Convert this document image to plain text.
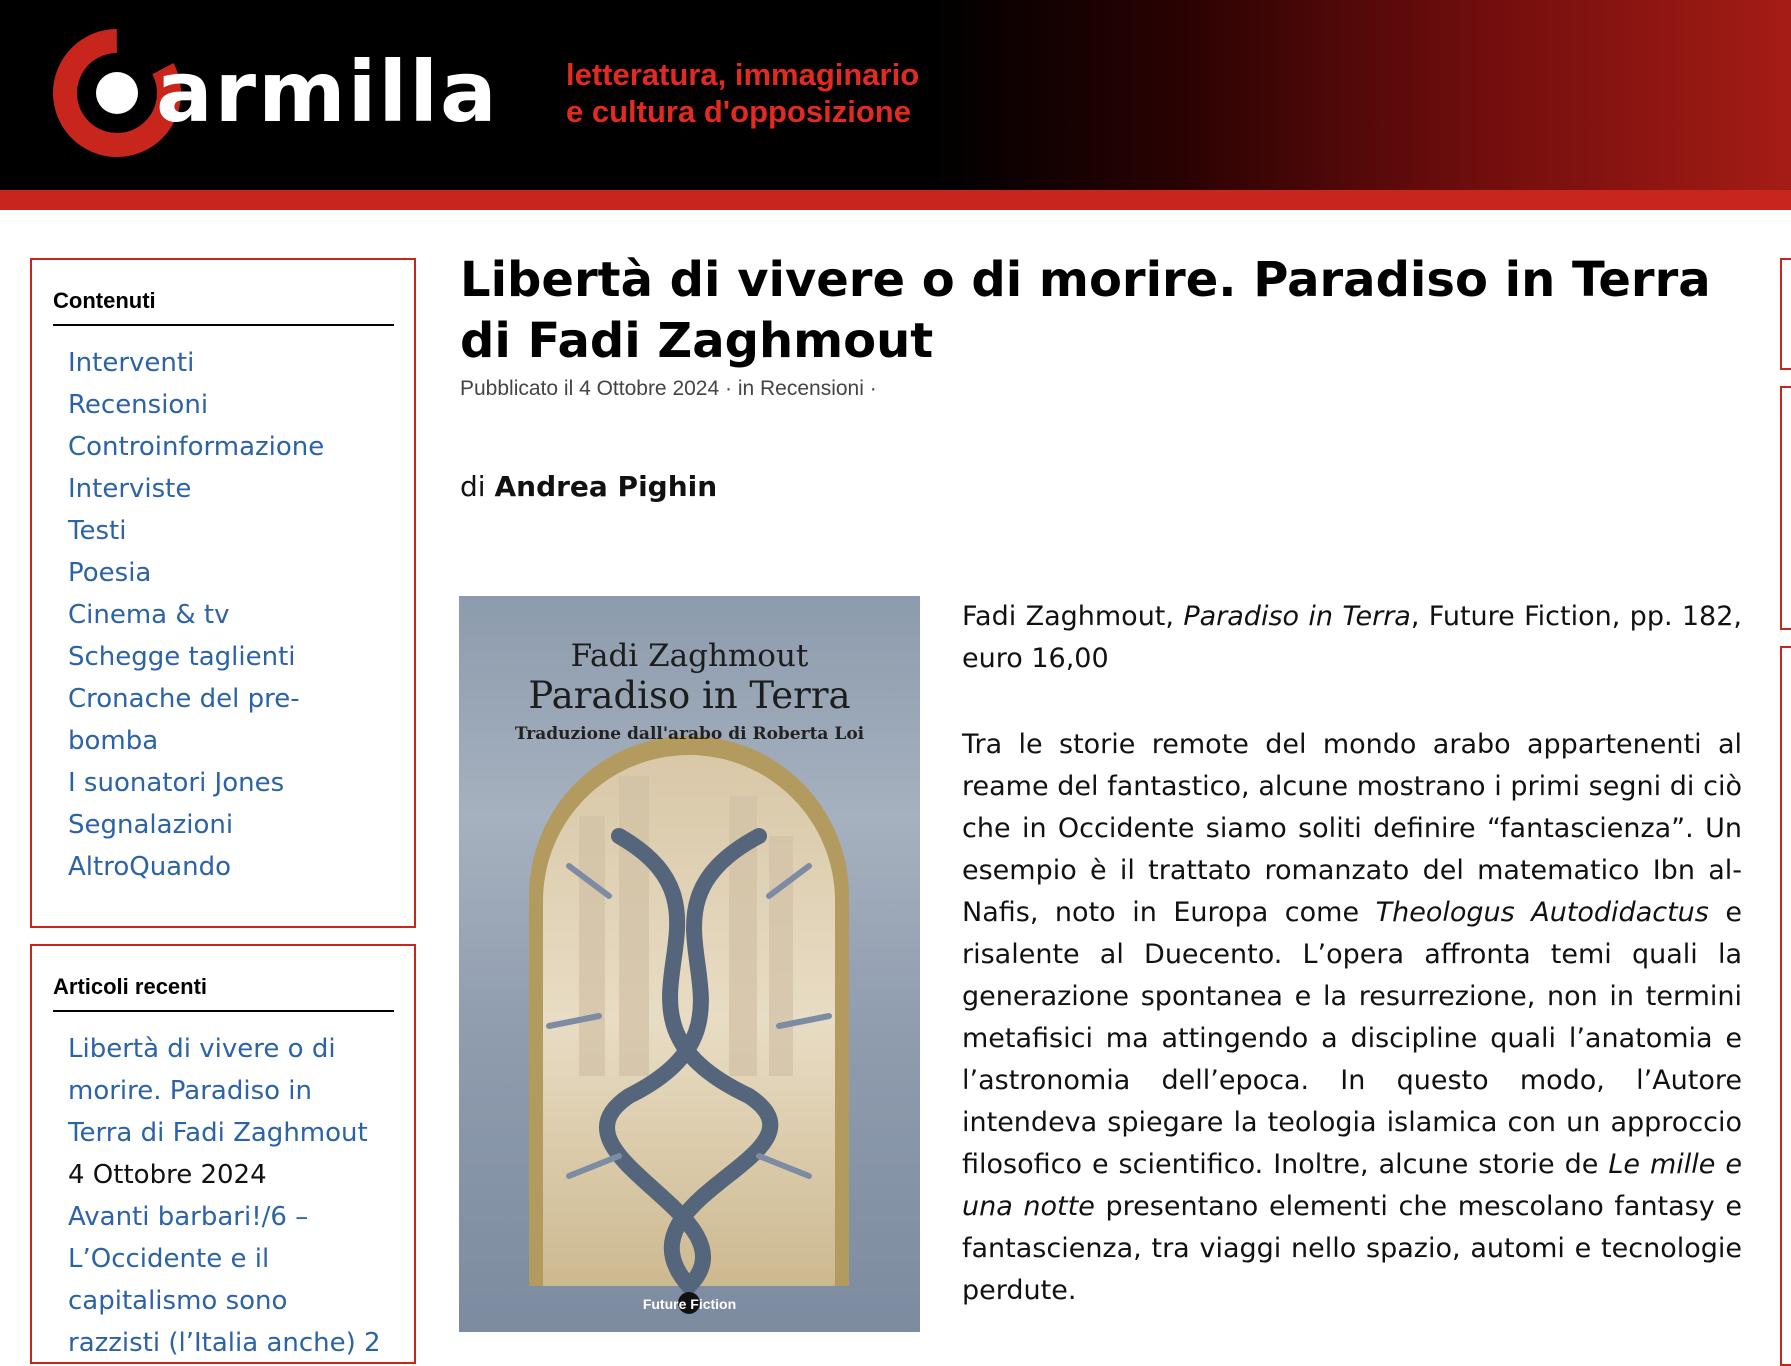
armilla letteratura, immaginario
e cultura d'opposizione
Contenuti
Interventi
Recensioni
Controinformazione
Interviste
Testi
Poesia
Cinema & tv
Schegge taglienti
Cronache del pre-
bomba
I suonatori Jones
Segnalazioni
AltroQuando
Articoli recenti
Libertà di vivere o di
morire. Paradiso in
Terra di Fadi Zaghmout
4 Ottobre 2024
Avanti barbari!/6 –
L’Occidente e il
capitalismo sono
razzisti (l’Italia anche) 2
Libertà di vivere o di morire. Paradiso in Terra di Fadi Zaghmout
Pubblicato il 4 Ottobre 2024 · in Recensioni ·
di Andrea Pighin
Fadi Zaghmout
Paradiso in Terra
Traduzione dall'arabo di Roberta Loi
Future Fiction

Fadi Zaghmout, Paradiso in Terra, Future Fiction, pp. 182, euro 16,00

Tra le storie remote del mondo arabo appartenenti al reame del fantastico, alcune mostrano i primi segni di ciò che in Occidente siamo soliti definire “fantascienza”. Un esempio è il trattato romanzato del matematico Ibn al-Nafis, noto in Europa come Theologus Autodidactus e risalente al Duecento. L’opera affronta temi quali la generazione spontanea e la resurrezione, non in termini metafisici ma attingendo a discipline quali l’anatomia e l’astronomia dell’epoca. In questo modo, l’Autore intendeva spiegare la teologia islamica con un approccio filosofico e scientifico. Inoltre, alcune storie de Le mille e una notte presentano elementi che mescolano fantasy e fantascienza, tra viaggi nello spazio, automi e tecnologie perdute.
